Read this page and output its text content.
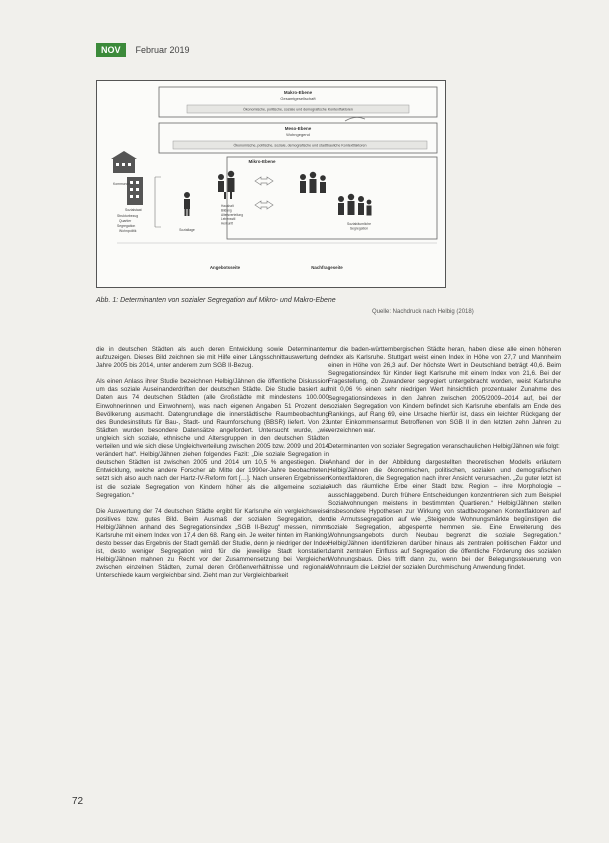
NOV	Februar 2019
Makro-Ebene
Gesamtgesellschaft
Ökonomische, politische, soziale und demografische Kontextfaktoren
Meso-Ebene
Wohngegend
Ökonomische, politische, soziale, demografische und stadtbauliche Kontextfaktoren
Mikro-Ebene
Kommunen
Sozialstaat
Strukturbezug
Quartier
Segregation
Wohnpolitik	Soziallage
Haushalt Bildung Altersverteilung Lebensstil Herkunft	Sozialräumliche Segregation
Angebotsseite	Nachfrageseite
Abb. 1: Determinanten von sozialer Segregation auf Mikro- und Makro-Ebene
Quelle: Nachdruck nach Helbig (2018)

die in deutschen Städten als auch deren Entwicklung sowie Determinanten aufzuzeigen. Dieses Bild zeichnen sie mit Hilfe einer Längsschnittauswertung der Jahre 2005 bis 2014, unter anderem zum SGB II-Bezug.

Als einen Anlass ihrer Studie bezeichnen Helbig/Jähnen die öffentliche Diskussion um das soziale Auseinanderdriften der deutschen Städte. Die Studie basiert auf Daten aus 74 deutschen Städten (alle Großstädte mit mindestens 100.000 Einwohnerinnen und Einwohnern), was nach eigenen Angaben 51 Prozent der Bevölkerung ausmacht. Datengrundlage die innerstädtische Raumbeobachtung des Bundesinstituts für Bau-, Stadt- und Raumforschung (BBSR) liefert. Von 23 Städten wurden besondere Datensätze angefordert. Untersucht wurde, „wie ungleich sich soziale, ethnische und Altersgruppen in den deutschen Städten verteilen und wie sich diese Ungleichverteilung zwischen 2005 bzw. 2009 und 2014 verändert hat“. Helbig/Jähnen ziehen folgendes Fazit: „Die soziale Segregation in deutschen Städten ist zwischen 2005 und 2014 um 10,5 % angestiegen. Die Entwicklung, welche andere Forscher ab Mitte der 1990er-Jahre beobachteten, setzt sich also auch nach der Hartz-IV-Reform fort […]. Nach unseren Ergebnissen ist die soziale Segregation von Kindern höher als die allgemeine soziale Segregation.“

Die Auswertung der 74 deutschen Städte ergibt für Karlsruhe ein vergleichsweise positives bzw. gutes Bild. Beim Ausmaß der sozialen Segregation, den Helbig/Jähnen anhand des Segregationsindex „SGB II-Bezug“ messen, nimmt Karlsruhe mit einem Index von 17,4 den 68. Rang ein. Je weiter hinten im Ranking, desto besser das Ergebnis der Stadt gemäß der Studie, denn je niedriger der Index ist, desto weniger Segregation wird für die jeweilige Stadt konstatiert. Helbig/Jähnen mahnen zu Recht vor der Zusammensetzung bei Vergleichen zwischen einzelnen Städten, zumal deren Größenverhältnisse und regionale Unterschiede kaum vergleichbar sind. Zieht man zur Vergleichbarkeit

nur die baden-württembergischen Städte heran, haben diese alle einen höheren Index als Karlsruhe. Stuttgart weist einen Index in Höhe von 27,7 und Mannheim einen in Höhe von 26,3 auf. Der höchste Wert in Deutschland beträgt 40,6. Beim Segregationsindex für Kinder liegt Karlsruhe mit einem Index von 21,6. Bei der Fragestellung, ob Zuwanderer segregiert untergebracht worden, weist Karlsruhe mit 0,06 % einen sehr niedrigen Wert hinsichtlich prozentualer Zunahme des Segregationsindexes in den Jahren zwischen 2005/2009–2014 auf, bei der sozialen Segregation von Kindern befindet sich Karlsruhe ebenfalls am Ende des Rankings, auf Rang 69, eine Ursache hierfür ist, dass ein leichter Rückgang der unter Einkommensarmut Betroffenen von SGB II in den letzten zehn Jahren zu verzeichnen war.

Determinanten von sozialer Segregation veranschaulichen Helbig/Jähnen wie folgt:

Anhand der in der Abbildung dargestellten theoretischen Modells erläutern Helbig/Jähnen die ökonomischen, politischen, sozialen und demografischen Kontextfaktoren, die Segregation nach ihrer Ansicht verursachen. „Zu guter letzt ist auch das räumliche Erbe einer Stadt bzw. Region – ihre Morphologie – ausschlaggebend. Durch frühere Entscheidungen konzentrieren sich zum Beispiel Sozialwohnungen meistens in bestimmten Quartieren.“ Helbig/Jähnen stellen insbesondere Hypothesen zur Wirkung von stadtbezogenen Kontextfaktoren auf die Armutssegregation auf wie „Steigende Wohnungsmärkte begünstigen die soziale Segregation, abgesperrte hemmen sie. Eine Erweiterung des Wohnungsangebots durch Neubau begrenzt die soziale Segregation.“ Helbig/Jähnen identifizieren darüber hinaus als zentralen politischen Faktor und damit zentralen Einfluss auf Segregation die öffentliche Förderung des sozialen Wohnungsbaus. Dies trifft dann zu, wenn bei der Belegungssteuerung von Wohnraum die Leitziel der sozialen Durchmischung Anwendung findet.

72
